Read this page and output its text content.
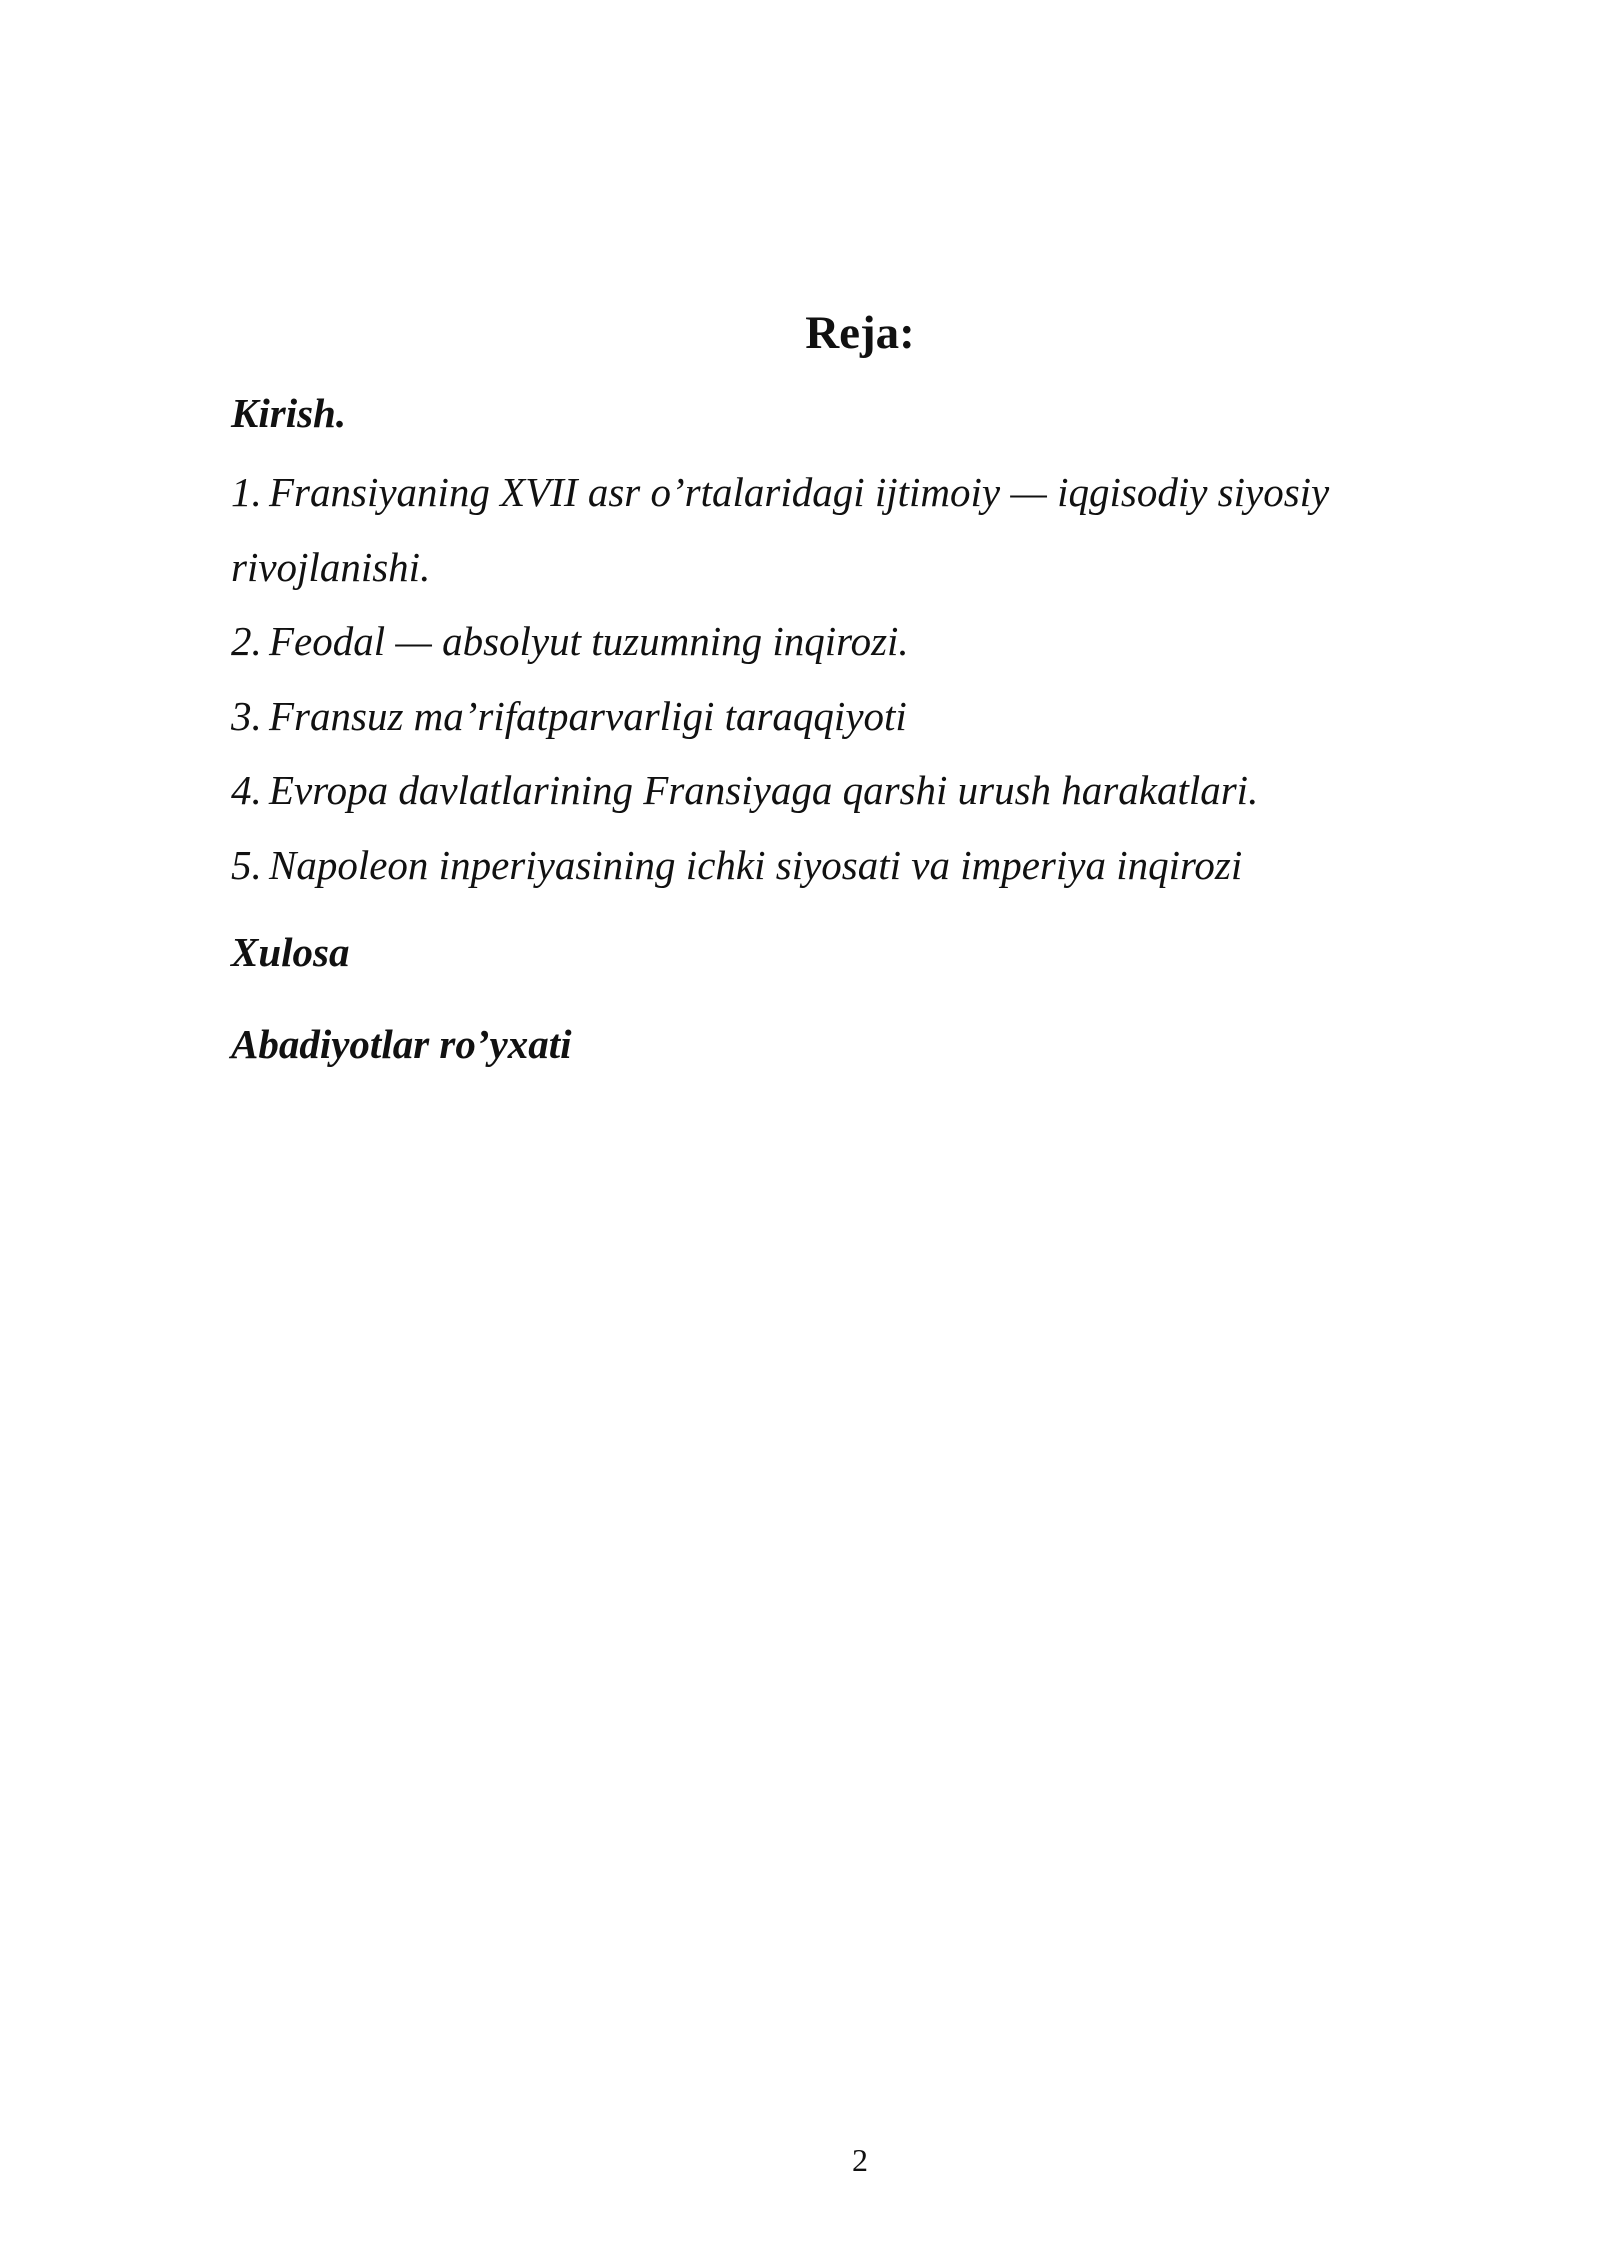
Reja:
Kirish.
1. Fransiyaning XVII asr o’rtalaridagi ijtimoiy — iqgisodiy siyosiy rivojlanishi.
2. Feodal — absolyut tuzumning inqirozi.
3. Fransuz ma’rifatparvarligi taraqqiyoti
4. Evropa davlatlarining Fransiyaga qarshi urush harakatlari.
5. Napoleon inperiyasining ichki siyosati va imperiya inqirozi
Xulosa
Abadiyotlar ro’yxati
2
